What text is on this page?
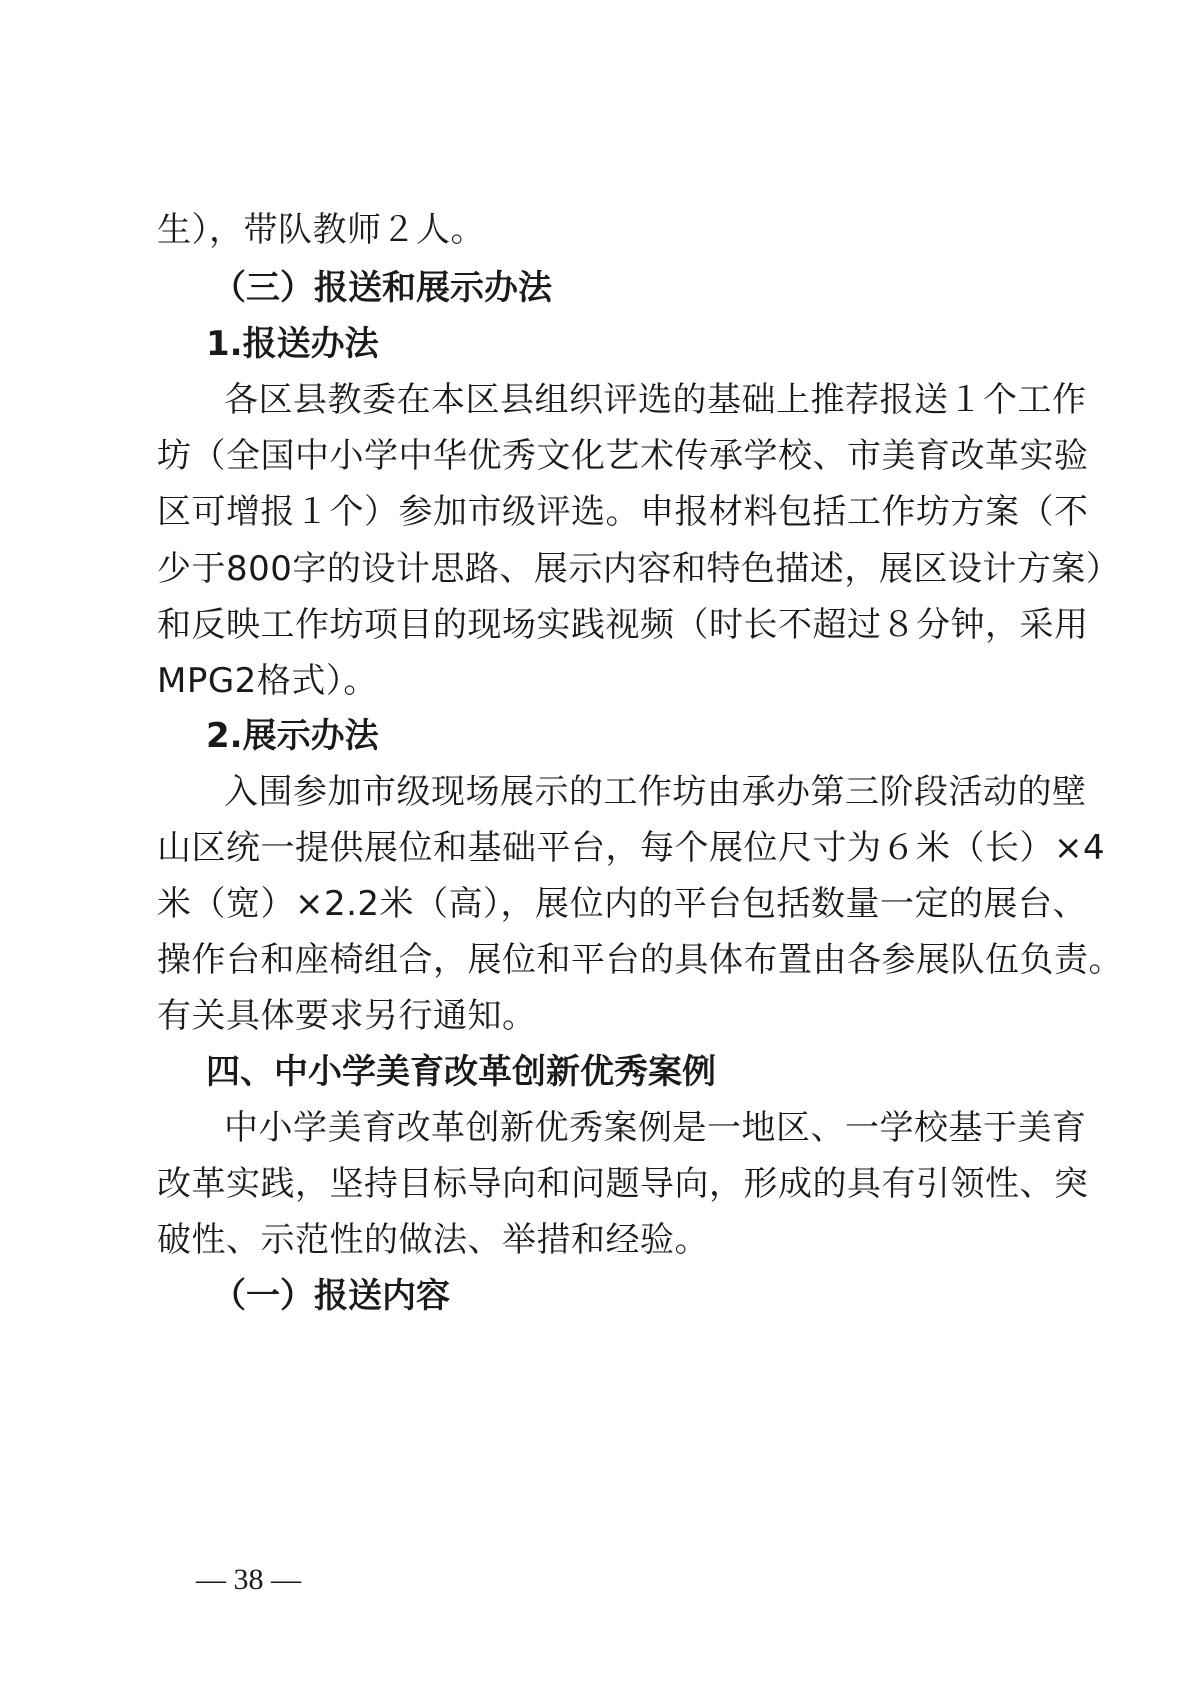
生），带队教师２人。
（三）报送和展示办法
1.报送办法
各区县教委在本区县组织评选的基础上推荐报送１个工作
坊（全国中小学中华优秀文化艺术传承学校、市美育改革实验
区可增报１个）参加市级评选。申报材料包括工作坊方案（不
少于800字的设计思路、展示内容和特色描述，展区设计方案）
和反映工作坊项目的现场实践视频（时长不超过８分钟，采用
MPG2格式）。
2.展示办法
入围参加市级现场展示的工作坊由承办第三阶段活动的壁
山区统一提供展位和基础平台，每个展位尺寸为６米（长）×4
米（宽）×2.2米（高），展位内的平台包括数量一定的展台、
操作台和座椅组合，展位和平台的具体布置由各参展队伍负责。
有关具体要求另行通知。
四、中小学美育改革创新优秀案例
中小学美育改革创新优秀案例是一地区、一学校基于美育
改革实践，坚持目标导向和问题导向，形成的具有引领性、突
破性、示范性的做法、举措和经验。
（一）报送内容
— 38 —
